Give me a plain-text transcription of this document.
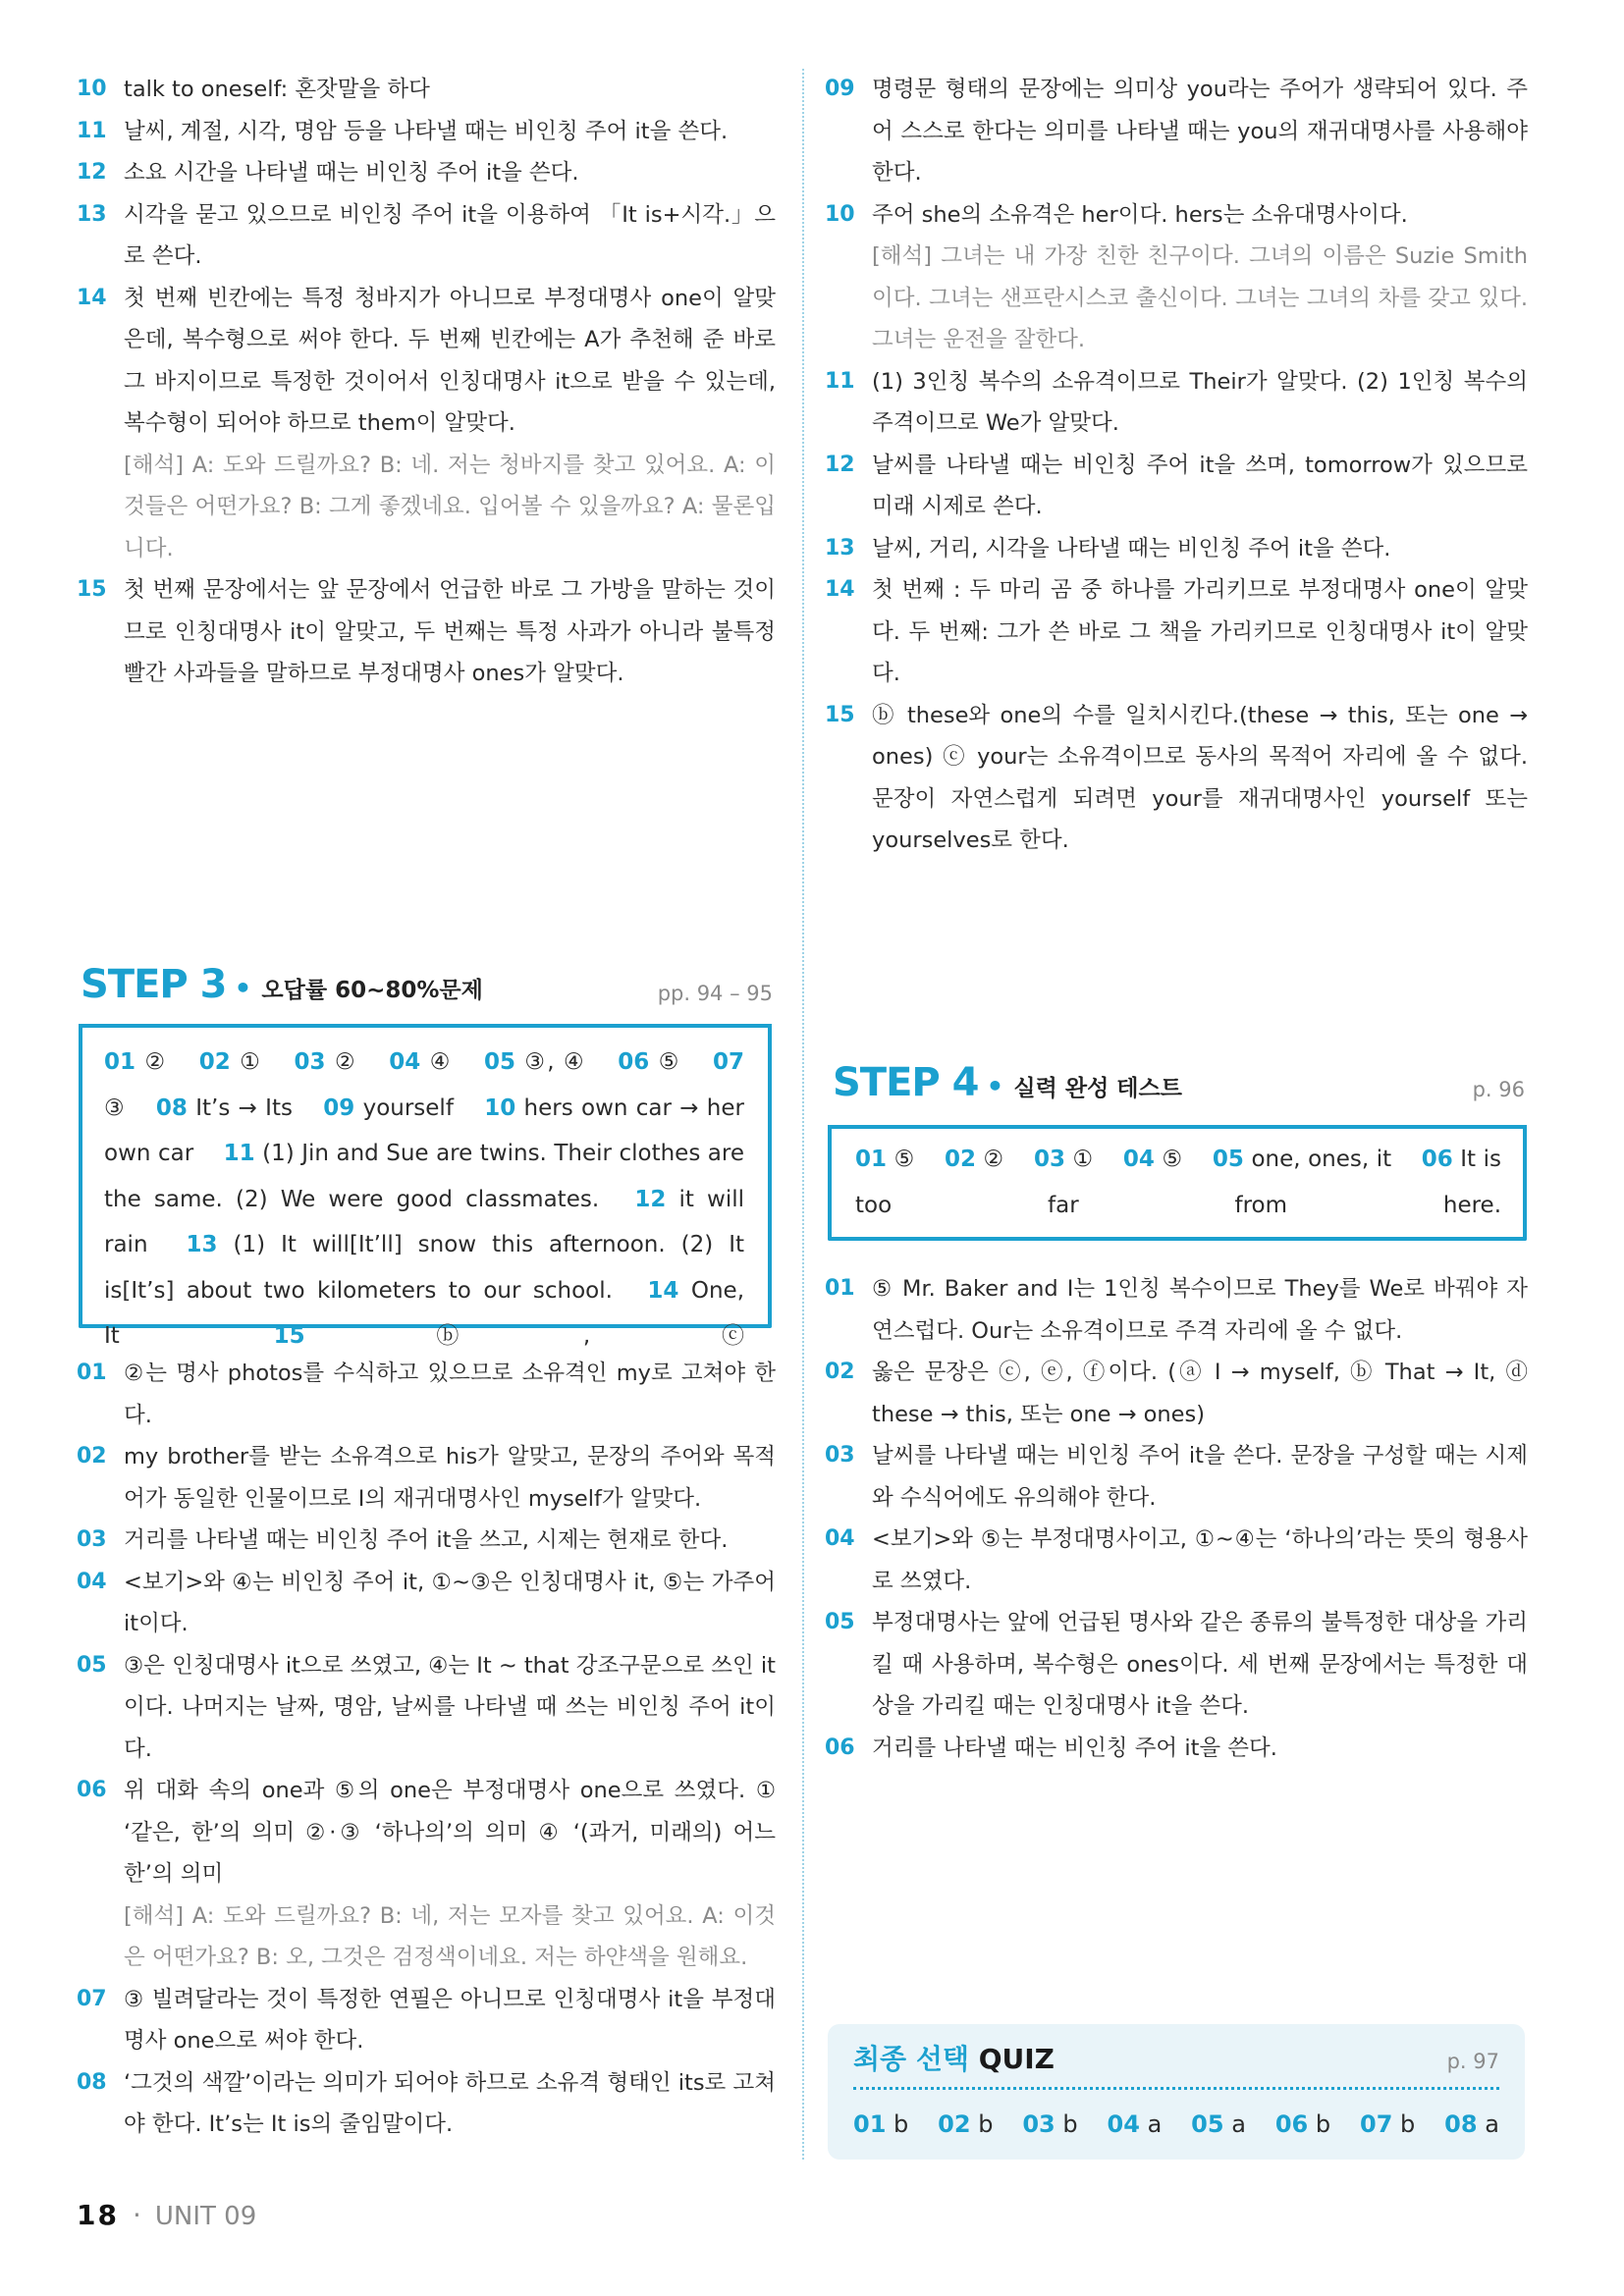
10 talk to oneself: 혼잣말을 하다
11 날씨, 계절, 시각, 명암 등을 나타낼 때는 비인칭 주어 it을 쓴다.
12 소요 시간을 나타낼 때는 비인칭 주어 it을 쓴다.
13 시각을 묻고 있으므로 비인칭 주어 it을 이용하여 「It is+시각.」으로 쓴다.
14 첫 번째 빈칸에는 특정 청바지가 아니므로 부정대명사 one이 알맞은데, 복수형으로 써야 한다. 두 번째 빈칸에는 A가 추천해 준 바로 그 바지이므로 특정한 것이어서 인칭대명사 it으로 받을 수 있는데, 복수형이 되어야 하므로 them이 알맞다.
[해석] A: 도와 드릴까요? B: 네. 저는 청바지를 찾고 있어요. A: 이것들은 어떤가요? B: 그게 좋겠네요. 입어볼 수 있을까요? A: 물론입니다.
15 첫 번째 문장에서는 앞 문장에서 언급한 바로 그 가방을 말하는 것이므로 인칭대명사 it이 알맞고, 두 번째는 특정 사과가 아니라 불특정 빨간 사과들을 말하므로 부정대명사 ones가 알맞다.
09 명령문 형태의 문장에는 의미상 you라는 주어가 생략되어 있다. 주어 스스로 한다는 의미를 나타낼 때는 you의 재귀대명사를 사용해야 한다.
10 주어 she의 소유격은 her이다. hers는 소유대명사이다.
[해석] 그녀는 내 가장 친한 친구이다. 그녀의 이름은 Suzie Smith이다. 그녀는 샌프란시스코 출신이다. 그녀는 그녀의 차를 갖고 있다. 그녀는 운전을 잘한다.
11 (1) 3인칭 복수의 소유격이므로 Their가 알맞다. (2) 1인칭 복수의 주격이므로 We가 알맞다.
12 날씨를 나타낼 때는 비인칭 주어 it을 쓰며, tomorrow가 있으므로 미래 시제로 쓴다.
13 날씨, 거리, 시각을 나타낼 때는 비인칭 주어 it을 쓴다.
14 첫 번째 : 두 마리 곰 중 하나를 가리키므로 부정대명사 one이 알맞다. 두 번째: 그가 쓴 바로 그 책을 가리키므로 인칭대명사 it이 알맞다.
15 ⓑ these와 one의 수를 일치시킨다.(these → this, 또는 one → ones) ⓒ your는 소유격이므로 동사의 목적어 자리에 올 수 없다. 문장이 자연스럽게 되려면 your를 재귀대명사인 yourself 또는 yourselves로 한다.
STEP 3 • 오답률 60~80%문제	pp. 94 – 95
01 ②  02 ①  03 ②  04 ④  05 ③, ④  06 ⑤  07 ③  08 It’s → Its  09 yourself  10 hers own car → her own car  11 (1) Jin and Sue are twins. Their clothes are the same. (2) We were good classmates.  12 it will rain  13 (1) It will[It’ll] snow this afternoon. (2) It is[It’s] about two kilometers to our school.  14 One, It 	15	ⓑ, ⓒ
01 ②는 명사 photos를 수식하고 있으므로 소유격인 my로 고쳐야 한다.
02 my brother를 받는 소유격으로 his가 알맞고, 문장의 주어와 목적어가 동일한 인물이므로 I의 재귀대명사인 myself가 알맞다.
03 거리를 나타낼 때는 비인칭 주어 it을 쓰고, 시제는 현재로 한다.
04 <보기>와 ④는 비인칭 주어 it, ①~③은 인칭대명사 it, ⑤는 가주어 it이다.
05 ③은 인칭대명사 it으로 쓰였고, ④는 It ~ that 강조구문으로 쓰인 it이다. 나머지는 날짜, 명암, 날씨를 나타낼 때 쓰는 비인칭 주어 it이다.
06 위 대화 속의 one과 ⑤의 one은 부정대명사 one으로 쓰였다. ① ‘같은, 한’의 의미 ②·③ ‘하나의’의 의미 ④ ‘(과거, 미래의) 어느 한’의 의미
[해석] A: 도와 드릴까요? B: 네, 저는 모자를 찾고 있어요. A: 이것은 어떤가요? B: 오, 그것은 검정색이네요. 저는 하얀색을 원해요.
07 ③ 빌려달라는 것이 특정한 연필은 아니므로 인칭대명사 it을 부정대명사 one으로 써야 한다.
08 ‘그것의 색깔’이라는 의미가 되어야 하므로 소유격 형태인 its로 고쳐야 한다. It’s는 It is의 줄임말이다.
STEP 4 • 실력 완성 테스트	p. 96
01 ⑤  02 ②  03 ①  04 ⑤  05 one, ones, it  06 It is too far from here.
01 ⑤ Mr. Baker and I는 1인칭 복수이므로 They를 We로 바꿔야 자연스럽다. Our는 소유격이므로 주격 자리에 올 수 없다.
02 옳은 문장은 ⓒ, ⓔ, ⓕ이다. (ⓐ I → myself, ⓑ That → It, ⓓ these → this, 또는 one → ones)
03 날씨를 나타낼 때는 비인칭 주어 it을 쓴다. 문장을 구성할 때는 시제와 수식어에도 유의해야 한다.
04 <보기>와 ⑤는 부정대명사이고, ①~④는 ‘하나의’라는 뜻의 형용사로 쓰였다.
05 부정대명사는 앞에 언급된 명사와 같은 종류의 불특정한 대상을 가리킬 때 사용하며, 복수형은 ones이다. 세 번째 문장에서는 특정한 대상을 가리킬 때는 인칭대명사 it을 쓴다.
06 거리를 나타낼 때는 비인칭 주어 it을 쓴다.
최종 선택 QUIZ	p. 97
01 b 02 b 03 b 04 a 05 a 06 b 07 b 08 a
18 · UNIT 09
